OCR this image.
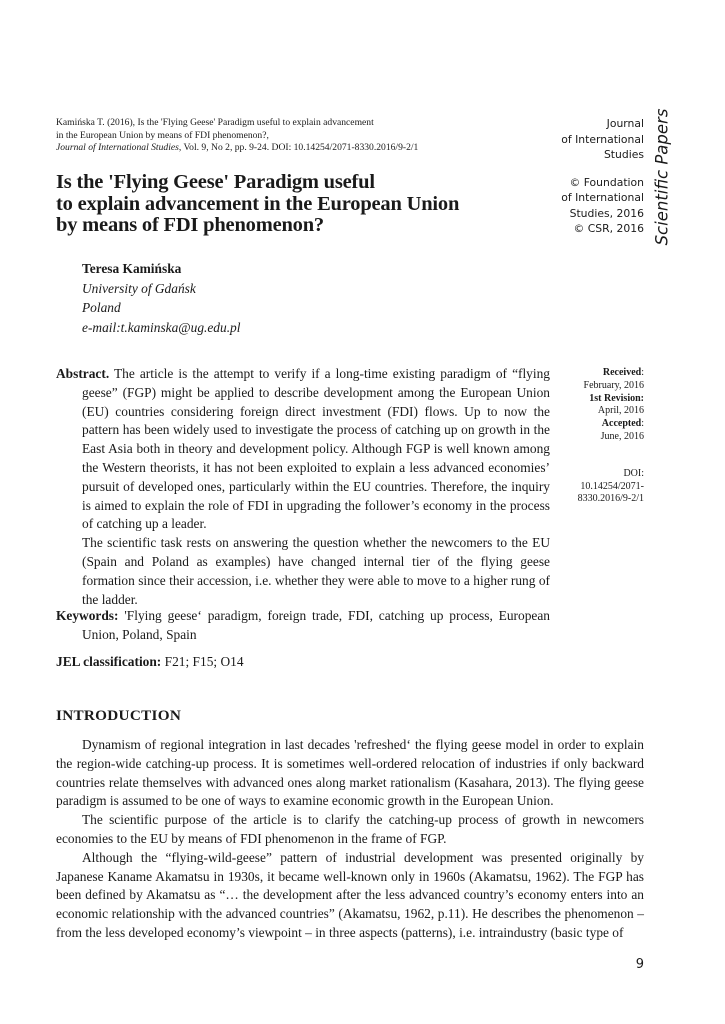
Kamińska T. (2016), Is the 'Flying Geese' Paradigm useful to explain advancement
in the European Union by means of FDI phenomenon?,
Journal of International Studies, Vol. 9, No 2, pp. 9-24. DOI: 10.14254/2071-8330.2016/9-2/1
Is the 'Flying Geese' Paradigm useful
to explain advancement in the European Union
by means of FDI phenomenon?
Teresa Kamińska
University of Gdańsk
Poland
e-mail:t.kaminska@ug.edu.pl
Journal
of International
Studies
© Foundation
of International
Studies, 2016
© CSR, 2016 Scientific Papers

Abstract. The article is the attempt to verify if a long-time existing paradigm of “flying geese” (FGP) might be applied to describe development among the European Union (EU) countries considering foreign direct investment (FDI) flows. Up to now the pattern has been widely used to investigate the process of catching up on growth in the East Asia both in theory and development policy. Although FGP is well known among the Western theorists, it has not been exploited to explain a less advanced economies’ pursuit of developed ones, particularly within the EU countries. Therefore, the inquiry is aimed to explain the role of FDI in upgrading the follower’s economy in the process of catching up a leader.

The scientific task rests on answering the question whether the newcomers to the EU (Spain and Poland as examples) have changed internal tier of the flying geese formation since their accession, i.e. whether they were able to move to a higher rung of the ladder.

Keywords: 'Flying geese‘ paradigm, foreign trade, FDI, catching up process, European Union, Poland, Spain

JEL classification: F21; F15; O14
Received:
February, 2016
1st Revision:
April, 2016
Accepted:
June, 2016
DOI:
10.14254/2071-
8330.2016/9-2/1
INTRODUCTION

Dynamism of regional integration in last decades 'refreshed‘ the flying geese model in order to explain the region-wide catching-up process. It is sometimes well-ordered relocation of industries if only backward countries relate themselves with advanced ones along market rationalism (Kasahara, 2013). The flying geese paradigm is assumed to be one of ways to examine economic growth in the European Union.

The scientific purpose of the article is to clarify the catching-up process of growth in newcomers economies to the EU by means of FDI phenomenon in the frame of FGP.

Although the “flying-wild-geese” pattern of industrial development was presented originally by Japanese Kaname Akamatsu in 1930s, it became well-known only in 1960s (Akamatsu, 1962). The FGP has been defined by Akamatsu as “… the development after the less advanced country’s economy enters into an economic relationship with the advanced countries” (Akamatsu, 1962, p.11). He describes the phenomenon – from the less developed economy’s viewpoint – in three aspects (patterns), i.e. intraindustry (basic type of

9
